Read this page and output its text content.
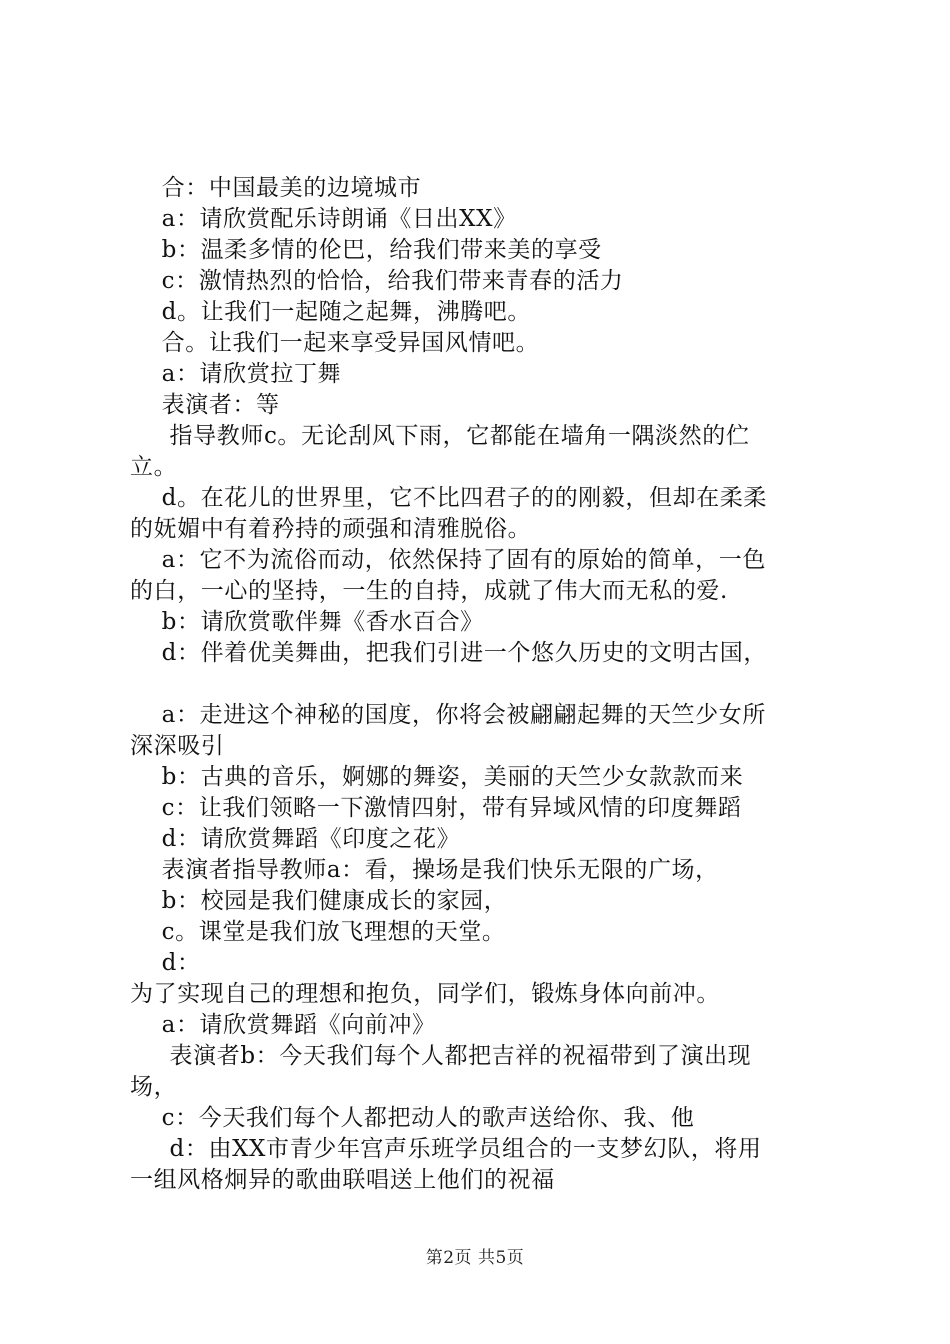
合：中国最美的边境城市
a：请欣赏配乐诗朗诵《日出XX》
b：温柔多情的伦巴，给我们带来美的享受
c：激情热烈的恰恰，给我们带来青春的活力
d。让我们一起随之起舞，沸腾吧。
合。让我们一起来享受异国风情吧。
a：请欣赏拉丁舞
表演者：等
指导教师c。无论刮风下雨，它都能在墙角一隅淡然的伫
立。
d。在花儿的世界里，它不比四君子的的刚毅，但却在柔柔
的妩媚中有着矜持的顽强和清雅脱俗。
a：它不为流俗而动，依然保持了固有的原始的简单，一色
的白，一心的坚持，一生的自持，成就了伟大而无私的爱.
b：请欣赏歌伴舞《香水百合》
d：伴着优美舞曲，把我们引进一个悠久历史的文明古国，
a：走进这个神秘的国度，你将会被翩翩起舞的天竺少女所
深深吸引
b：古典的音乐，婀娜的舞姿，美丽的天竺少女款款而来
c：让我们领略一下激情四射，带有异域风情的印度舞蹈
d：请欣赏舞蹈《印度之花》
表演者指导教师a：看，操场是我们快乐无限的广场，
b：校园是我们健康成长的家园，
c。课堂是我们放飞理想的天堂。
d：
为了实现自己的理想和抱负，同学们，锻炼身体向前冲。
a：请欣赏舞蹈《向前冲》
表演者b：今天我们每个人都把吉祥的祝福带到了演出现
场，
c：今天我们每个人都把动人的歌声送给你、我、他
d：由XX市青少年宫声乐班学员组合的一支梦幻队，将用
一组风格炯异的歌曲联唱送上他们的祝福
第2页 共5页
